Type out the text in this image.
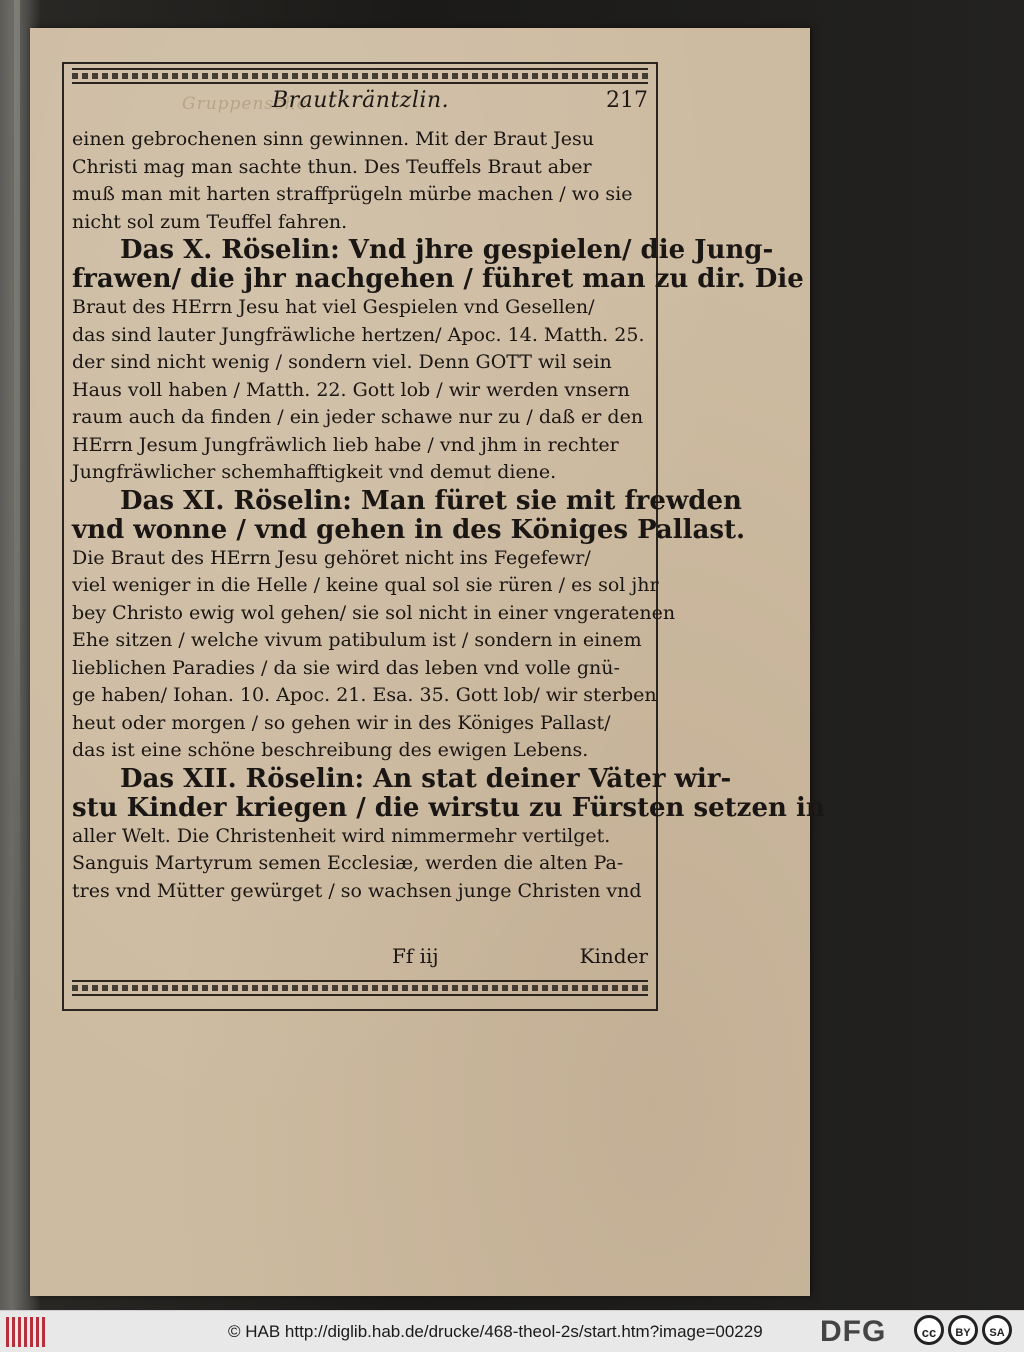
Gruppensche
Brautkräntzlin.	217
einen gebrochenen sinn gewinnen. Mit der Braut Jesu
Christi mag man sachte thun. Des Teuffels Braut aber
muß man mit harten straffprügeln mürbe machen / wo sie
nicht sol zum Teuffel fahren.
Das X. Röselin: Vnd jhre gespielen/ die Jung-
frawen/ die jhr nachgehen / führet man zu dir. Die
Braut des HErrn Jesu hat viel Gespielen vnd Gesellen/
das sind lauter Jungfräwliche hertzen/ Apoc. 14. Matth. 25.
der sind nicht wenig / sondern viel. Denn GOTT wil sein
Haus voll haben / Matth. 22. Gott lob / wir werden vnsern
raum auch da finden / ein jeder schawe nur zu / daß er den
HErrn Jesum Jungfräwlich lieb habe / vnd jhm in rechter
Jungfräwlicher schemhafftigkeit vnd demut diene.
Das XI. Röselin: Man füret sie mit frewden
vnd wonne / vnd gehen in des Königes Pallast.
Die Braut des HErrn Jesu gehöret nicht ins Fegefewr/
viel weniger in die Helle / keine qual sol sie rüren / es sol jhr
bey Christo ewig wol gehen/ sie sol nicht in einer vngeratenen
Ehe sitzen / welche vivum patibulum ist / sondern in einem
lieblichen Paradies / da sie wird das leben vnd volle gnü-
ge haben/ Iohan. 10. Apoc. 21. Esa. 35. Gott lob/ wir sterben
heut oder morgen / so gehen wir in des Königes Pallast/
das ist eine schöne beschreibung des ewigen Lebens.
Das XII. Röselin: An stat deiner Väter wir-
stu Kinder kriegen / die wirstu zu Fürsten setzen in
aller Welt. Die Christenheit wird nimmermehr vertilget.
Sanguis Martyrum semen Ecclesiæ, werden die alten Pa-
tres vnd Mütter gewürget / so wachsen junge Christen vnd
Ff iij	Kinder
© HAB http://diglib.hab.de/drucke/468-theol-2s/start.htm?image=00229 DFG	cc	BY	SA
